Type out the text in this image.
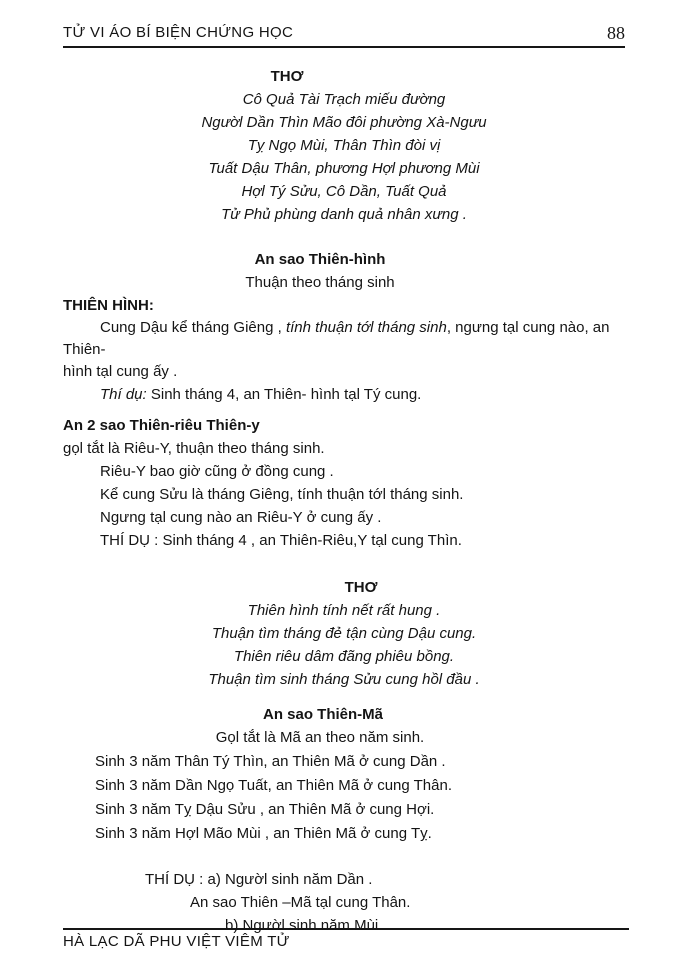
TỬ VI ÁO BÍ BIỆN CHỨNG HỌC	88
THƠ
Cô Quả Tài Trạch miếu đường
Ngườl Dần Thìn Mão đôi phường Xà-Ngưu
Tỵ Ngọ Mùi, Thân Thìn đòi vị
Tuất Dậu Thân, phương Hợl phương Mùi
Hợl Tý Sửu, Cô Dần, Tuất Quả
Tử Phủ phùng danh quả nhân xưng .
An sao Thiên-hình
Thuận theo tháng sinh
THIÊN HÌNH:
Cung Dậu kể tháng Giêng , tính thuận tớl tháng sinh, ngưng tạl cung nào, an Thiên-
hình tạl cung ấy .
Thí dụ: Sinh tháng 4, an Thiên- hình tạl Tý cung.
An 2 sao Thiên-riêu Thiên-y
gọl tắt là Riêu-Y, thuận theo tháng sinh.
Riêu-Y bao giờ cũng ở đồng cung .
Kể cung Sửu là tháng Giêng, tính thuận tớl tháng sinh.
Ngưng tạl cung nào an Riêu-Y ở cung ấy .
THÍ DỤ : Sinh tháng 4 , an Thiên-Riêu,Y tạl cung Thìn.
THƠ
Thiên hình tính nết rất hung .
Thuận tìm tháng đẻ tận cùng Dậu cung.
Thiên riêu dâm đãng phiêu bồng.
Thuận tìm sinh tháng Sửu cung hồl đầu .
An sao Thiên-Mã
Gọl tắt là Mã an theo năm sinh.
Sinh 3 năm Thân Tý Thìn, an Thiên Mã ở cung Dần .
Sinh 3 năm Dần Ngọ Tuất, an Thiên Mã ở cung Thân.
Sinh 3 năm Tỵ Dậu Sửu , an Thiên Mã ở cung Hợi.
Sinh 3 năm Hợl Mão Mùi , an Thiên Mã ở cung Tỵ.
THÍ DỤ : a) Ngườl sinh năm Dần .
An sao Thiên –Mã tạl cung Thân.
b) Ngườl sinh năm Mùi.
HÀ LẠC DÃ PHU VIỆT VIÊM TỬ
